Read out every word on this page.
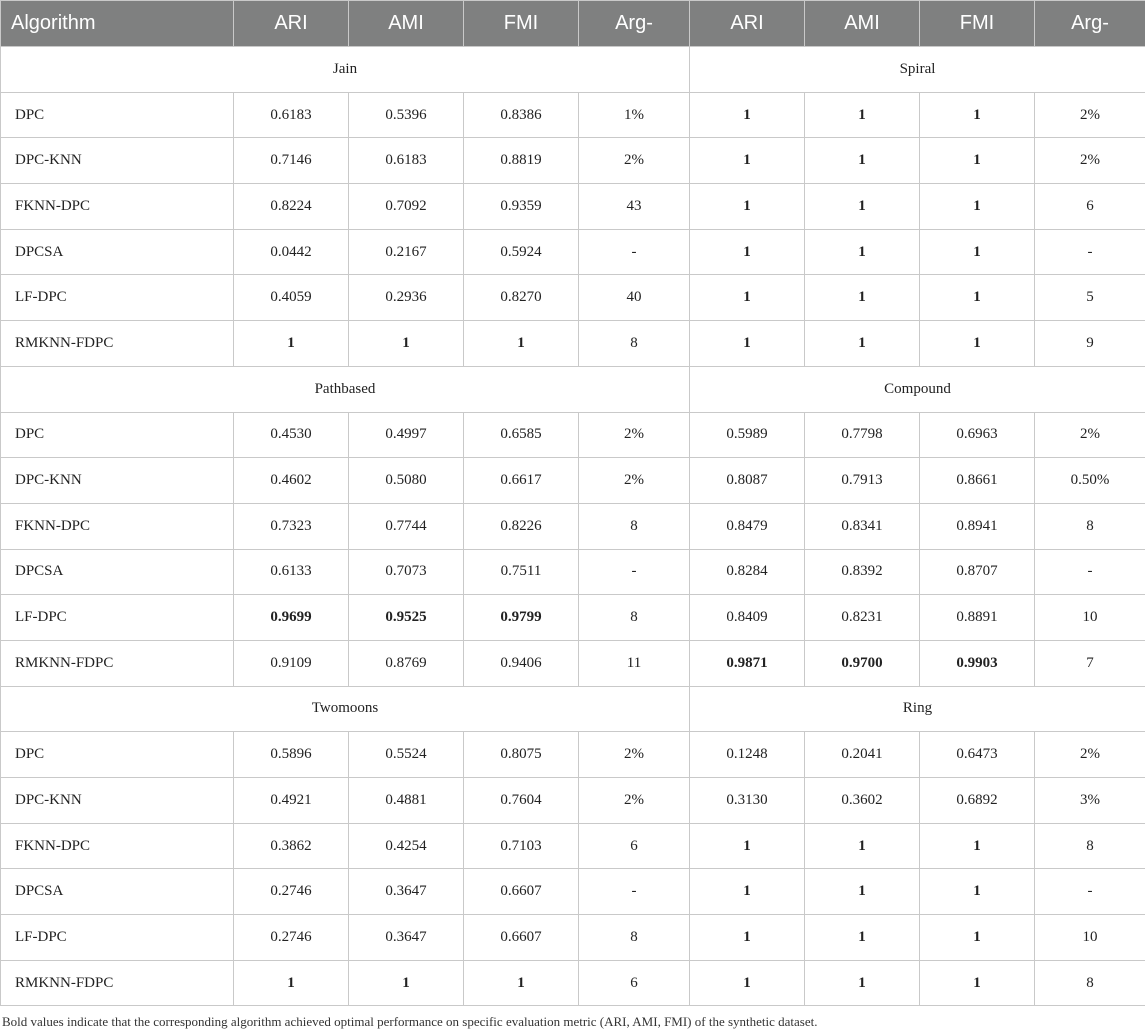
Algorithm	ARI	AMI	FMI	Arg-	ARI	AMI	FMI	Arg-
Jain					Spiral			
DPC	0.6183	0.5396	0.8386	1%	1	1	1	2%
DPC-KNN	0.7146	0.6183	0.8819	2%	1	1	1	2%
FKNN-DPC	0.8224	0.7092	0.9359	43	1	1	1	6
DPCSA	0.0442	0.2167	0.5924	-	1	1	1	-
LF-DPC	0.4059	0.2936	0.8270	40	1	1	1	5
RMKNN-FDPC	1	1	1	8	1	1	1	9
Pathbased					Compound			
DPC	0.4530	0.4997	0.6585	2%	0.5989	0.7798	0.6963	2%
DPC-KNN	0.4602	0.5080	0.6617	2%	0.8087	0.7913	0.8661	0.50%
FKNN-DPC	0.7323	0.7744	0.8226	8	0.8479	0.8341	0.8941	8
DPCSA	0.6133	0.7073	0.7511	-	0.8284	0.8392	0.8707	-
LF-DPC	0.9699	0.9525	0.9799	8	0.8409	0.8231	0.8891	10
RMKNN-FDPC	0.9109	0.8769	0.9406	11	0.9871	0.9700	0.9903	7
Twomoons					Ring			
DPC	0.5896	0.5524	0.8075	2%	0.1248	0.2041	0.6473	2%
DPC-KNN	0.4921	0.4881	0.7604	2%	0.3130	0.3602	0.6892	3%
FKNN-DPC	0.3862	0.4254	0.7103	6	1	1	1	8
DPCSA	0.2746	0.3647	0.6607	-	1	1	1	-
LF-DPC	0.2746	0.3647	0.6607	8	1	1	1	10
RMKNN-FDPC	1	1	1	6	1	1	1	8
Bold values indicate that the corresponding algorithm achieved optimal performance on specific evaluation metric (ARI, AMI, FMI) of the synthetic dataset.
